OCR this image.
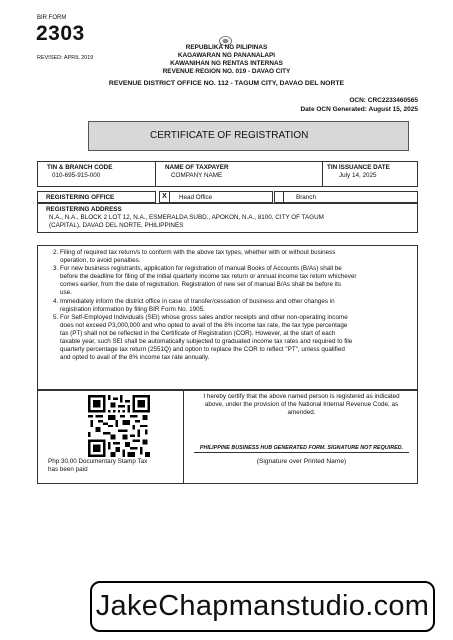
BIR FORM
2303
REVISED: APRIL 2019
REPUBLIKA NG PILIPINAS
KAGAWARAN NG PANANALAPI
KAWANIHAN NG RENTAS INTERNAS
REVENUE REGION NO. 019 - DAVAO CITY
REVENUE DISTRICT OFFICE NO. 112 - TAGUM CITY, DAVAO DEL NORTE
OCN: CRC2233460565
Date OCN Generated: August 15, 2025
CERTIFICATE OF REGISTRATION
TIN & BRANCH CODE
010-695-915-000
NAME OF TAXPAYER
COMPANY NAME
TIN ISSUANCE DATE
July 14, 2025
REGISTERING OFFICE	X	Head Office	Branch
REGISTERING ADDRESS
N.A., N.A., BLOCK 2 LOT 12, N.A., ESMERALDA SUBD., APOKON, N.A., 8100, CITY OF TAGUM
(CAPITAL), DAVAO DEL NORTE, PHILIPPINES
2. Filing of required tax return/s to conform with the above tax types, whether with or without business
operation, to avoid penalties.
3. For new business registrants, application for registration of manual Books of Accounts (B/As) shall be
before the deadline for filing of the initial quarterly income tax return or annual income tax return whichever
comes earlier, from the date of registration. Registration of new set of manual B/As shall be before its
use.
4. Immediately inform the district office in case of transfer/cessation of business and other changes in
registration information by filing BIR Form No. 1905.
5. For Self-Employed Individuals (SEI) whose gross sales and/or receipts and other non-operating income
does not exceed P3,000,000 and who opted to avail of the 8% income tax rate, the tax type percentage
tax (PT) shall not be reflected in the Certificate of Registration (COR). However, at the start of each
taxable year, such SEI shall be automatically subjected to graduated income tax rates and required to file
quarterly percentage tax return (2551Q) and option to replace the COR to reflect "PT", unless qualified
and opted to avail of the 8% income tax rate annually.
Php 30.00 Documentary Stamp Tax
has been paid
I hereby certify that the above named person is registered as indicated
above, under the provision of the National Internal Revenue Code, as
amended.
PHILIPPINE BUSINESS HUB GENERATED FORM. SIGNATURE NOT REQUIRED.
(Signature over Printed Name)
JakeChapmanstudio.com
